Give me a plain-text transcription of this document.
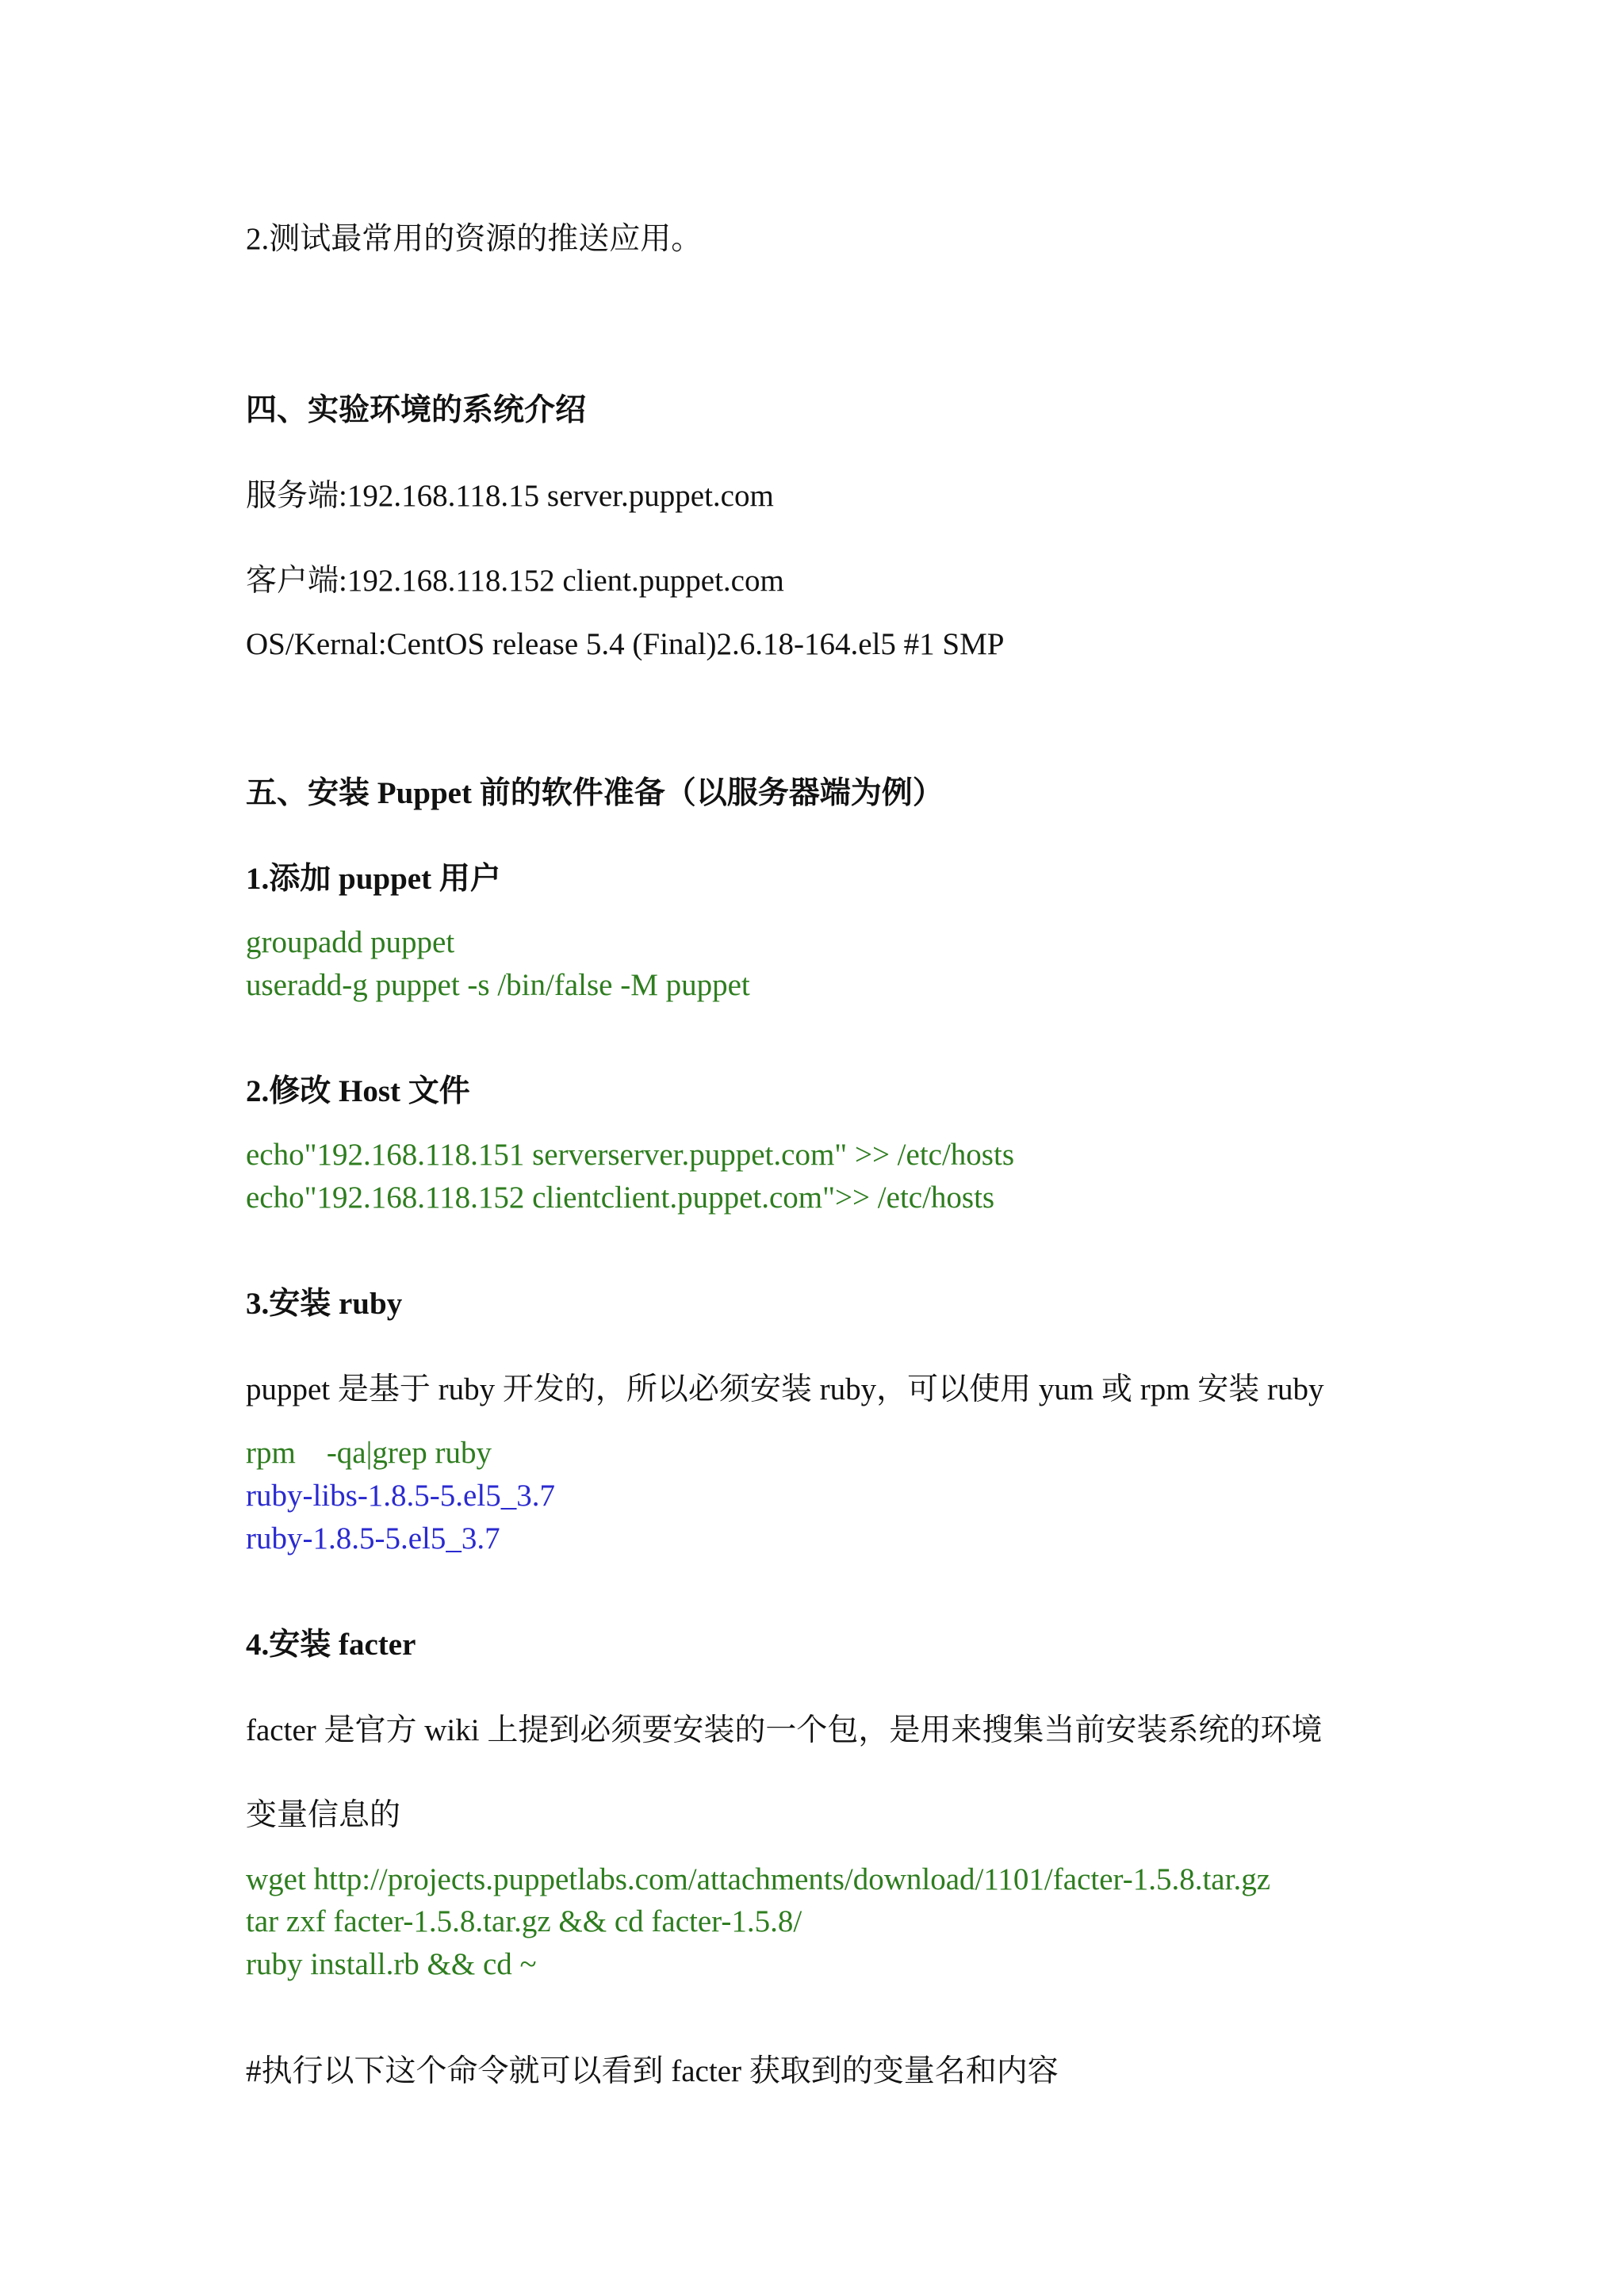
2.测试最常用的资源的推送应用。
四、实验环境的系统介绍
服务端:192.168.118.15 server.puppet.com
客户端:192.168.118.152 client.puppet.com
OS/Kernal:CentOS release 5.4 (Final)2.6.18-164.el5 #1 SMP
五、安装 Puppet 前的软件准备（以服务器端为例）
1.添加 puppet 用户
groupadd puppet
useradd-g puppet -s /bin/false -M puppet
2.修改 Host 文件
echo"192.168.118.151 serverserver.puppet.com" >> /etc/hosts
echo"192.168.118.152 clientclient.puppet.com">> /etc/hosts
3.安装 ruby
puppet 是基于 ruby 开发的，所以必须安装 ruby，可以使用 yum 或 rpm 安装 ruby
rpm    -qa|grep ruby
ruby-libs-1.8.5-5.el5_3.7
ruby-1.8.5-5.el5_3.7
4.安装 facter
facter 是官方 wiki 上提到必须要安装的一个包，是用来搜集当前安装系统的环境
变量信息的
wget http://projects.puppetlabs.com/attachments/download/1101/facter-1.5.8.tar.gz
tar zxf facter-1.5.8.tar.gz && cd facter-1.5.8/
ruby install.rb && cd ~
#执行以下这个命令就可以看到 facter 获取到的变量名和内容
